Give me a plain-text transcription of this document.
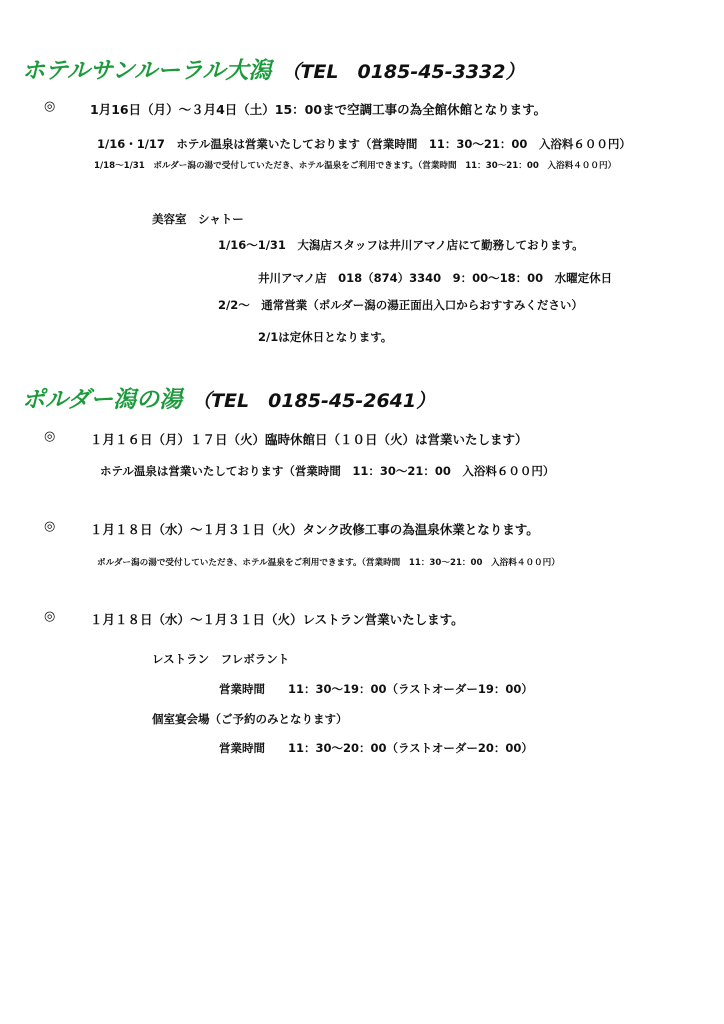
ホテルサンルーラル大潟 （TEL　0185-45-3332）
◎	1月16日（月）～３月4日（土）15：00まで空調工事の為全館休館となります。
1/16・1/17　ホテル温泉は営業いたしております（営業時間　11：30～21：00　入浴料６００円）
1/18～1/31　ポルダー潟の湯で受付していただき、ホテル温泉をご利用できます。（営業時間　11：30～21：00　入浴料４００円）
美容室　シャトー
1/16～1/31　大潟店スタッフは井川アマノ店にて勤務しております。
井川アマノ店　018（874）3340　9：00～18：00　水曜定休日
2/2～　通常営業（ポルダー潟の湯正面出入口からおすすみください）
2/1は定休日となります。
ポルダー潟の湯 （TEL　0185-45-2641）
◎	１月１６日（月）１７日（火）臨時休館日（１０日（火）は営業いたします）
ホテル温泉は営業いたしております（営業時間　11：30～21：00　入浴料６００円）
◎	１月１８日（水）～１月３１日（火）タンク改修工事の為温泉休業となります。
ポルダー潟の湯で受付していただき、ホテル温泉をご利用できます。（営業時間　11：30～21：00　入浴料４００円）
◎	１月１８日（水）～１月３１日（火）レストラン営業いたします。
レストラン　フレボラント
営業時間　　11：30～19：00（ラストオーダー19：00）
個室宴会場（ご予約のみとなります）
営業時間　　11：30～20：00（ラストオーダー20：00）
